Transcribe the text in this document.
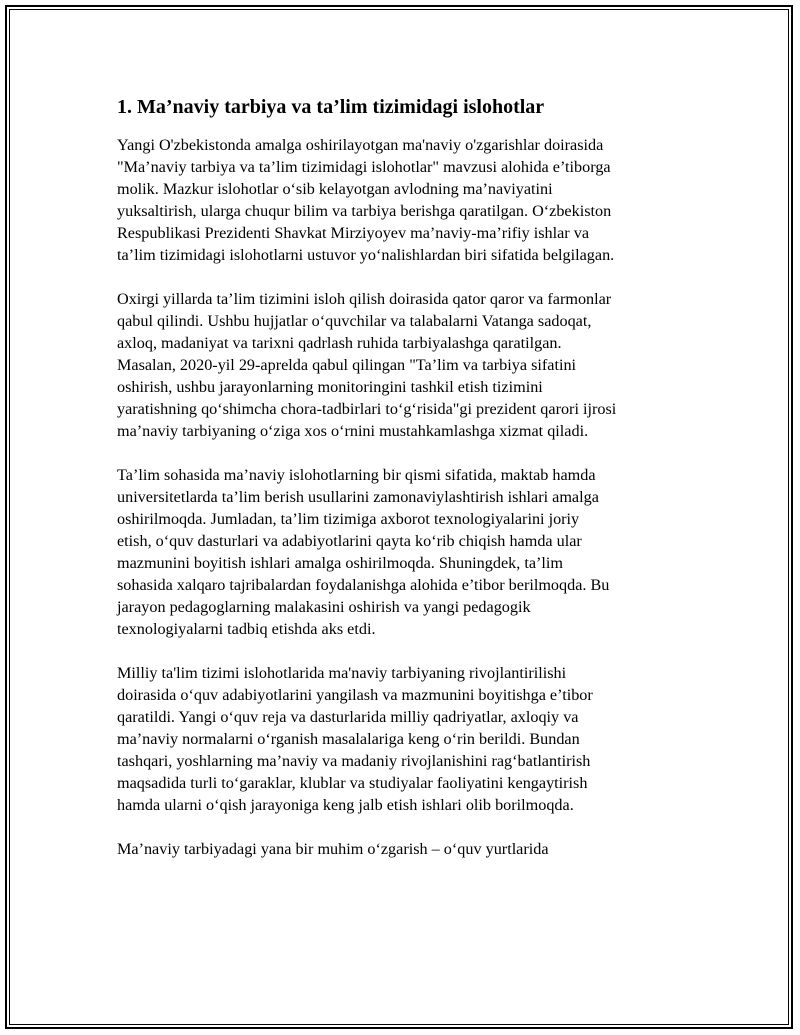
1. Ma’naviy tarbiya va ta’lim tizimidagi islohotlar

Yangi O'zbekistonda amalga oshirilayotgan ma'naviy o'zgarishlar doirasida
"Ma’naviy tarbiya va ta’lim tizimidagi islohotlar" mavzusi alohida e’tiborga
molik. Mazkur islohotlar o‘sib kelayotgan avlodning ma’naviyatini
yuksaltirish, ularga chuqur bilim va tarbiya berishga qaratilgan. O‘zbekiston
Respublikasi Prezidenti Shavkat Mirziyoyev ma’naviy-ma’rifiy ishlar va
ta’lim tizimidagi islohotlarni ustuvor yo‘nalishlardan biri sifatida belgilagan.

Oxirgi yillarda ta’lim tizimini isloh qilish doirasida qator qaror va farmonlar
qabul qilindi. Ushbu hujjatlar o‘quvchilar va talabalarni Vatanga sadoqat,
axloq, madaniyat va tarixni qadrlash ruhida tarbiyalashga qaratilgan.
Masalan, 2020-yil 29-aprelda qabul qilingan "Ta’lim va tarbiya sifatini
oshirish, ushbu jarayonlarning monitoringini tashkil etish tizimini
yaratishning qo‘shimcha chora-tadbirlari to‘g‘risida"gi prezident qarori ijrosi
ma’naviy tarbiyaning o‘ziga xos o‘rnini mustahkamlashga xizmat qiladi.

Ta’lim sohasida ma’naviy islohotlarning bir qismi sifatida, maktab hamda
universitetlarda ta’lim berish usullarini zamonaviylashtirish ishlari amalga
oshirilmoqda. Jumladan, ta’lim tizimiga axborot texnologiyalarini joriy
etish, o‘quv dasturlari va adabiyotlarini qayta ko‘rib chiqish hamda ular
mazmunini boyitish ishlari amalga oshirilmoqda. Shuningdek, ta’lim
sohasida xalqaro tajribalardan foydalanishga alohida e’tibor berilmoqda. Bu
jarayon pedagoglarning malakasini oshirish va yangi pedagogik
texnologiyalarni tadbiq etishda aks etdi.

Milliy ta'lim tizimi islohotlarida ma'naviy tarbiyaning rivojlantirilishi
doirasida o‘quv adabiyotlarini yangilash va mazmunini boyitishga e’tibor
qaratildi. Yangi o‘quv reja va dasturlarida milliy qadriyatlar, axloqiy va
ma’naviy normalarni o‘rganish masalalariga keng o‘rin berildi. Bundan
tashqari, yoshlarning ma’naviy va madaniy rivojlanishini rag‘batlantirish
maqsadida turli to‘garaklar, klublar va studiyalar faoliyatini kengaytirish
hamda ularni o‘qish jarayoniga keng jalb etish ishlari olib borilmoqda.

Ma’naviy tarbiyadagi yana bir muhim o‘zgarish – o‘quv yurtlarida
